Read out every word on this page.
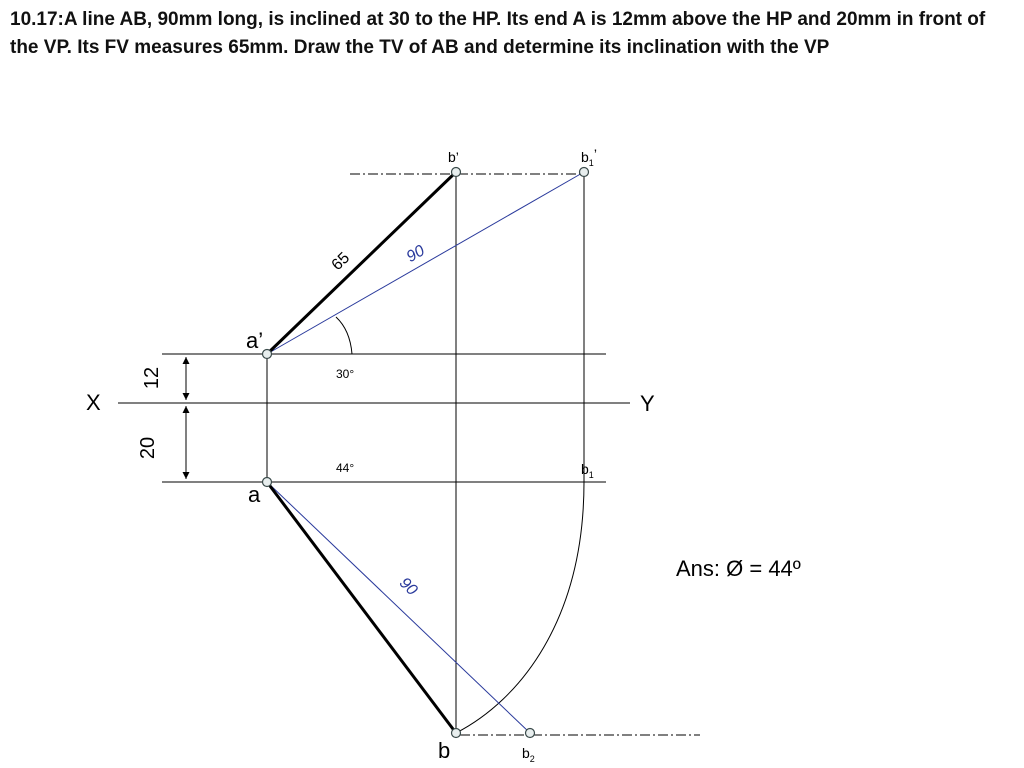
10.17:A line AB, 90mm long, is inclined at 30 to the HP. Its end A is 12mm above the HP and 20mm in front of the VP. Its FV measures 65mm. Draw the TV of AB and determine its inclination with the VP

X	Y
a’
a
b’
b
$b_1$’
$b_1$
$b_2$
65	90
90
30°
44°
12
20
Ans: Ø = 44º
